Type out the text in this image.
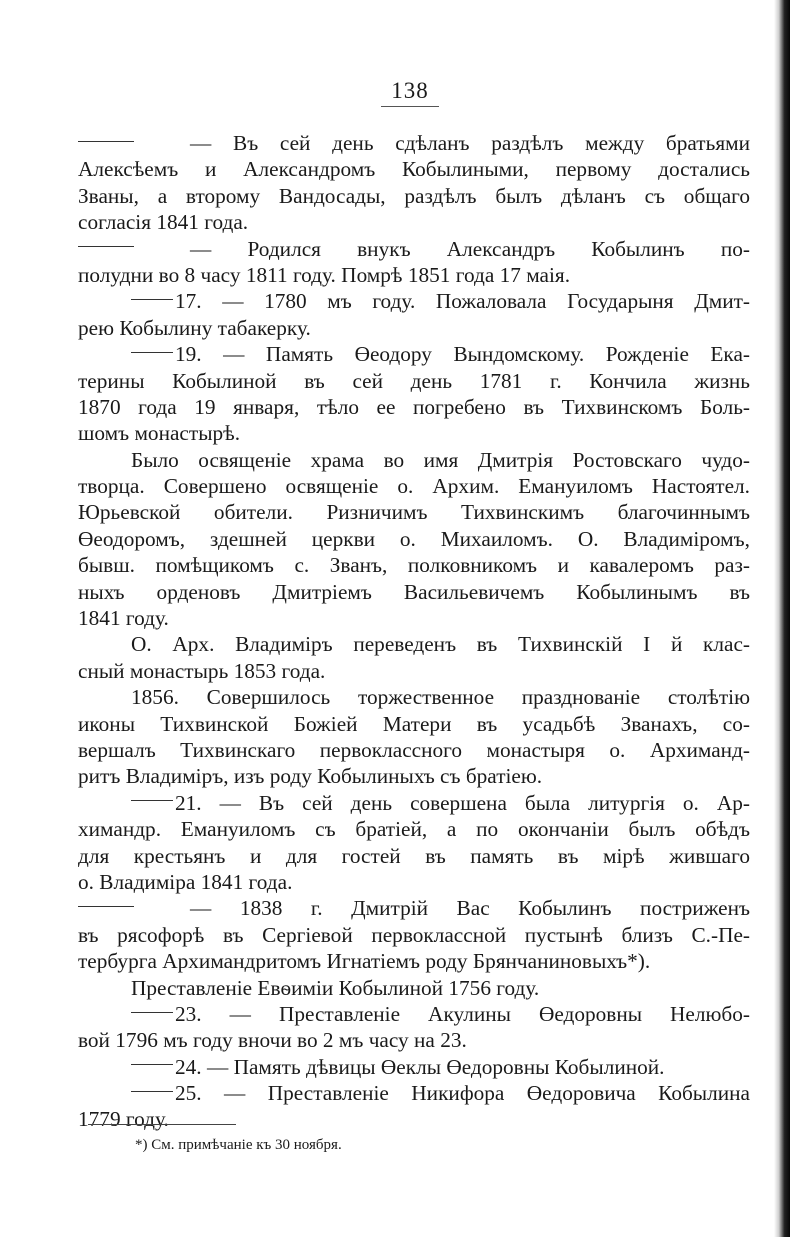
138
— Въ сей день сдѣланъ раздѣлъ между братьями
Алексѣемъ и Александромъ Кобылиными, первому достались
Званы, а второму Вандосады, раздѣлъ былъ дѣланъ съ общаго
согласія 1841 года.
— Родился внукъ Александръ Кобылинъ по-
полудни во 8 часу 1811 году. Помрѣ 1851 года 17 маія.
17. — 1780 мъ году. Пожаловала Государыня Дмит-
рею Кобылину табакерку.
19. — Память Өеодору Вындомскому. Рожденіе Ека-
терины Кобылиной въ сей день 1781 г. Кончила жизнь
1870 года 19 января, тѣло ее погребено въ Тихвинскомъ Боль-
шомъ монастырѣ.
Было освященіе храма во имя Дмитрія Ростовскаго чудо-
творца. Совершено освященіе о. Архим. Емануиломъ Настоятел.
Юрьевской обители. Ризничимъ Тихвинскимъ благочиннымъ
Өеодоромъ, здешней церкви о. Михаиломъ. О. Владиміромъ,
бывш. помѣщикомъ с. Званъ, полковникомъ и кавалеромъ раз-
ныхъ орденовъ Дмитріемъ Васильевичемъ Кобылинымъ въ
1841 году.
О. Арх. Владиміръ переведенъ въ Тихвинскій I й клас-
сный монастырь 1853 года.
1856. Совершилось торжественное празднованіе столѣтію
иконы Тихвинской Божіей Матери въ усадьбѣ Званахъ, со-
вершалъ Тихвинскаго первоклассного монастыря о. Архиманд-
ритъ Владиміръ, изъ роду Кобылиныхъ съ братіею.
21. — Въ сей день совершена была литургія о. Ар-
химандр. Емануиломъ съ братіей, а по окончаніи былъ обѣдъ
для крестьянъ и для гостей въ память въ мірѣ жившаго
о. Владиміра 1841 года.
— 1838 г. Дмитрій Вас Кобылинъ постриженъ
въ рясофорѣ въ Сергіевой первоклассной пустынѣ близъ С.-Пе-
тербурга Архимандритомъ Игнатіемъ роду Брянчаниновыхъ*).
Преставленіе Евѳиміи Кобылиной 1756 году.
23. — Преставленіе Акулины Өедоровны Нелюбо-
вой 1796 мъ году вночи во 2 мъ часу на 23.
24. — Память дѣвицы Өеклы Өедоровны Кобылиной.
25. — Преставленіе Никифора Өедоровича Кобылина
1779 году.
*) См. примѣчаніе къ 30 ноября.
